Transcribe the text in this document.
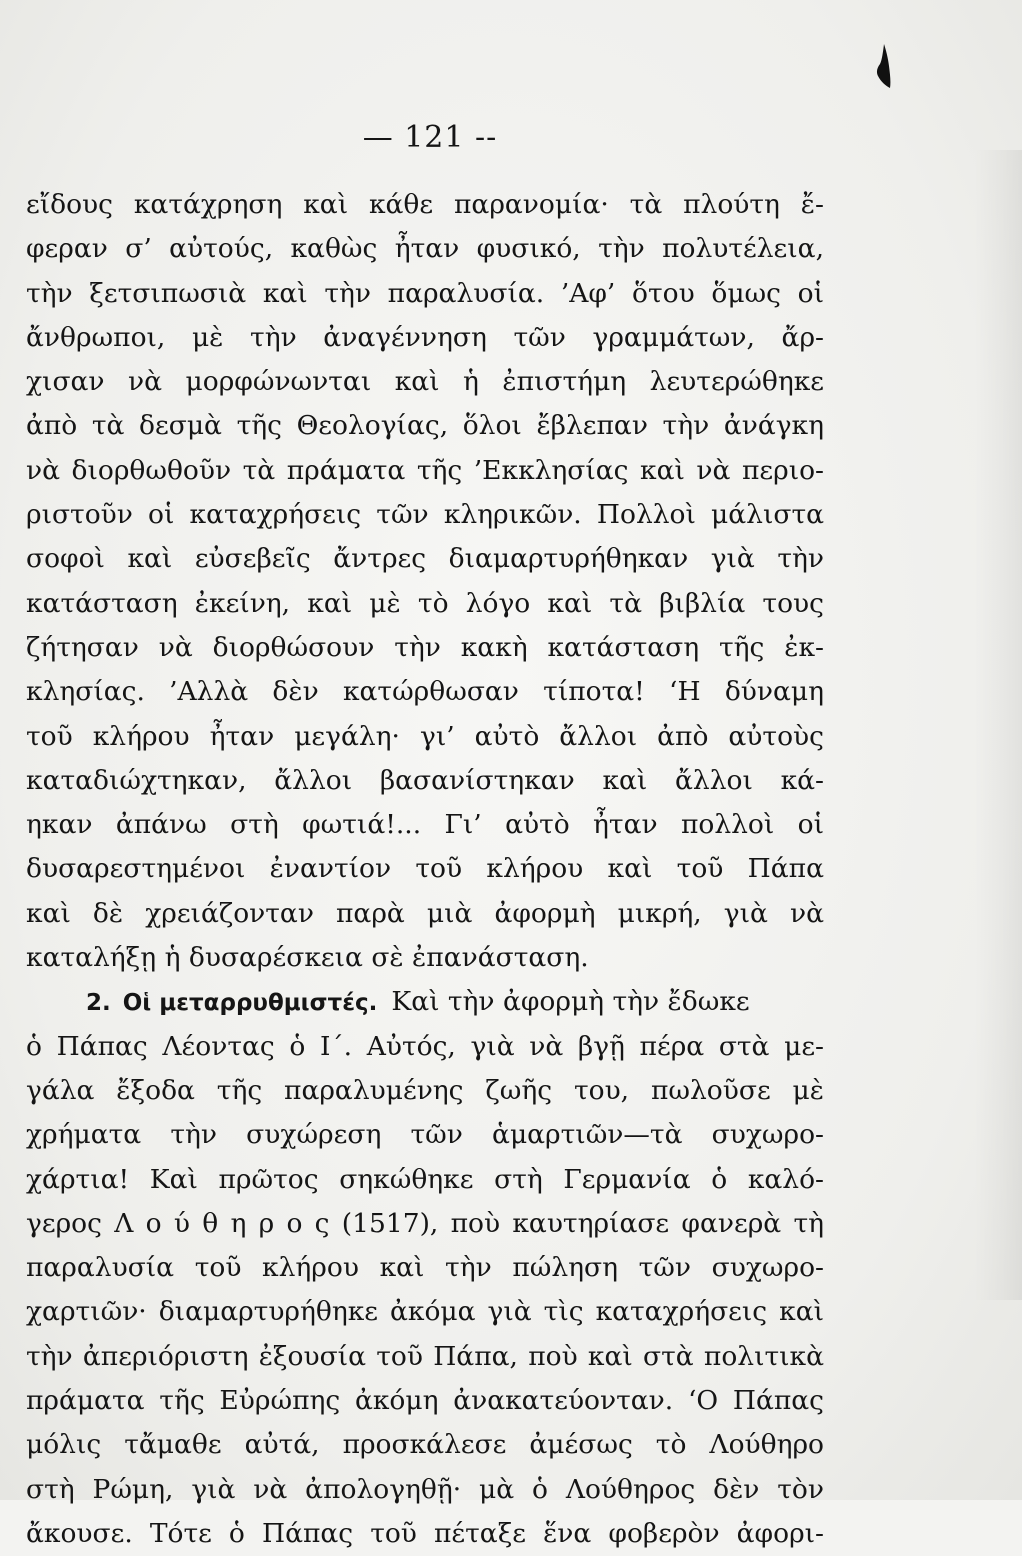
— 121 --
εἴδους κατάχρηση καὶ κάθε παρανομία· τὰ πλούτη ἔ-
φεραν σ’ αὐτούς, καθὼς ἦταν φυσικό, τὴν πολυτέλεια,
τὴν ξετσιπωσιὰ καὶ τὴν παραλυσία. ’Αφ’ ὅτου ὅμως οἱ
ἄνθρωποι, μὲ τὴν ἀναγέννηση τῶν γραμμάτων, ἄρ-
χισαν νὰ μορφώνωνται καὶ ἡ ἐπιστήμη λευτερώθηκε
ἀπὸ τὰ δεσμὰ τῆς Θεολογίας, ὅλοι ἔβλεπαν τὴν ἀνάγκη
νὰ διορθωθοῦν τὰ πράματα τῆς ’Εκκλησίας καὶ νὰ περιο-
ριστοῦν οἱ καταχρήσεις τῶν κληρικῶν. Πολλοὶ μάλιστα
σοφοὶ καὶ εὐσεβεῖς ἄντρες διαμαρτυρήθηκαν γιὰ τὴν
κατάσταση ἐκείνη, καὶ μὲ τὸ λόγο καὶ τὰ βιβλία τους
ζήτησαν νὰ διορθώσουν τὴν κακὴ κατάσταση τῆς ἐκ-
κλησίας. ’Αλλὰ δὲν κατώρθωσαν τίποτα! ‘Η δύναμη
τοῦ κλήρου ἦταν μεγάλη· γι’ αὐτὸ ἄλλοι ἀπὸ αὐτοὺς
καταδιώχτηκαν, ἄλλοι βασανίστηκαν καὶ ἄλλοι κά-
ηκαν ἀπάνω στὴ φωτιά!... Γι’ αὐτὸ ἦταν πολλοὶ οἱ
δυσαρεστημένοι ἐναντίον τοῦ κλήρου καὶ τοῦ Πάπα
καὶ δὲ χρειάζονταν παρὰ μιὰ ἀφορμὴ μικρή, γιὰ νὰ
καταλήξῃ ἡ δυσαρέσκεια σὲ ἐπανάσταση.
2. Οἱ μεταρρυθμιστές. Καὶ τὴν ἀφορμὴ τὴν ἔδωκε
ὁ Πάπας Λέοντας ὁ Ι΄. Αὐτός, γιὰ νὰ βγῇ πέρα στὰ με-
γάλα ἔξοδα τῆς παραλυμένης ζωῆς του, πωλοῦσε μὲ
χρήματα τὴν συχώρεση τῶν ἁμαρτιῶν—τὰ συχωρο-
χάρτια! Καὶ πρῶτος σηκώθηκε στὴ Γερμανία ὁ καλό-
γερος Λ ο ύ θ η ρ ο ς (1517), ποὺ καυτηρίασε φανερὰ τὴ
παραλυσία τοῦ κλήρου καὶ τὴν πώληση τῶν συχωρο-
χαρτιῶν· διαμαρτυρήθηκε ἀκόμα γιὰ τὶς καταχρήσεις καὶ
τὴν ἀπεριόριστη ἐξουσία τοῦ Πάπα, ποὺ καὶ στὰ πολιτικὰ
πράματα τῆς Εὐρώπης ἀκόμη ἀνακατεύονταν. ‘Ο Πάπας
μόλις τἄμαθε αὐτά, προσκάλεσε ἀμέσως τὸ Λούθηρο
στὴ Ρώμη, γιὰ νὰ ἀπολογηθῇ· μὰ ὁ Λούθηρος δὲν τὸν
ἄκουσε. Τότε ὁ Πάπας τοῦ πέταξε ἕνα φοβερὸν ἀφορι-
